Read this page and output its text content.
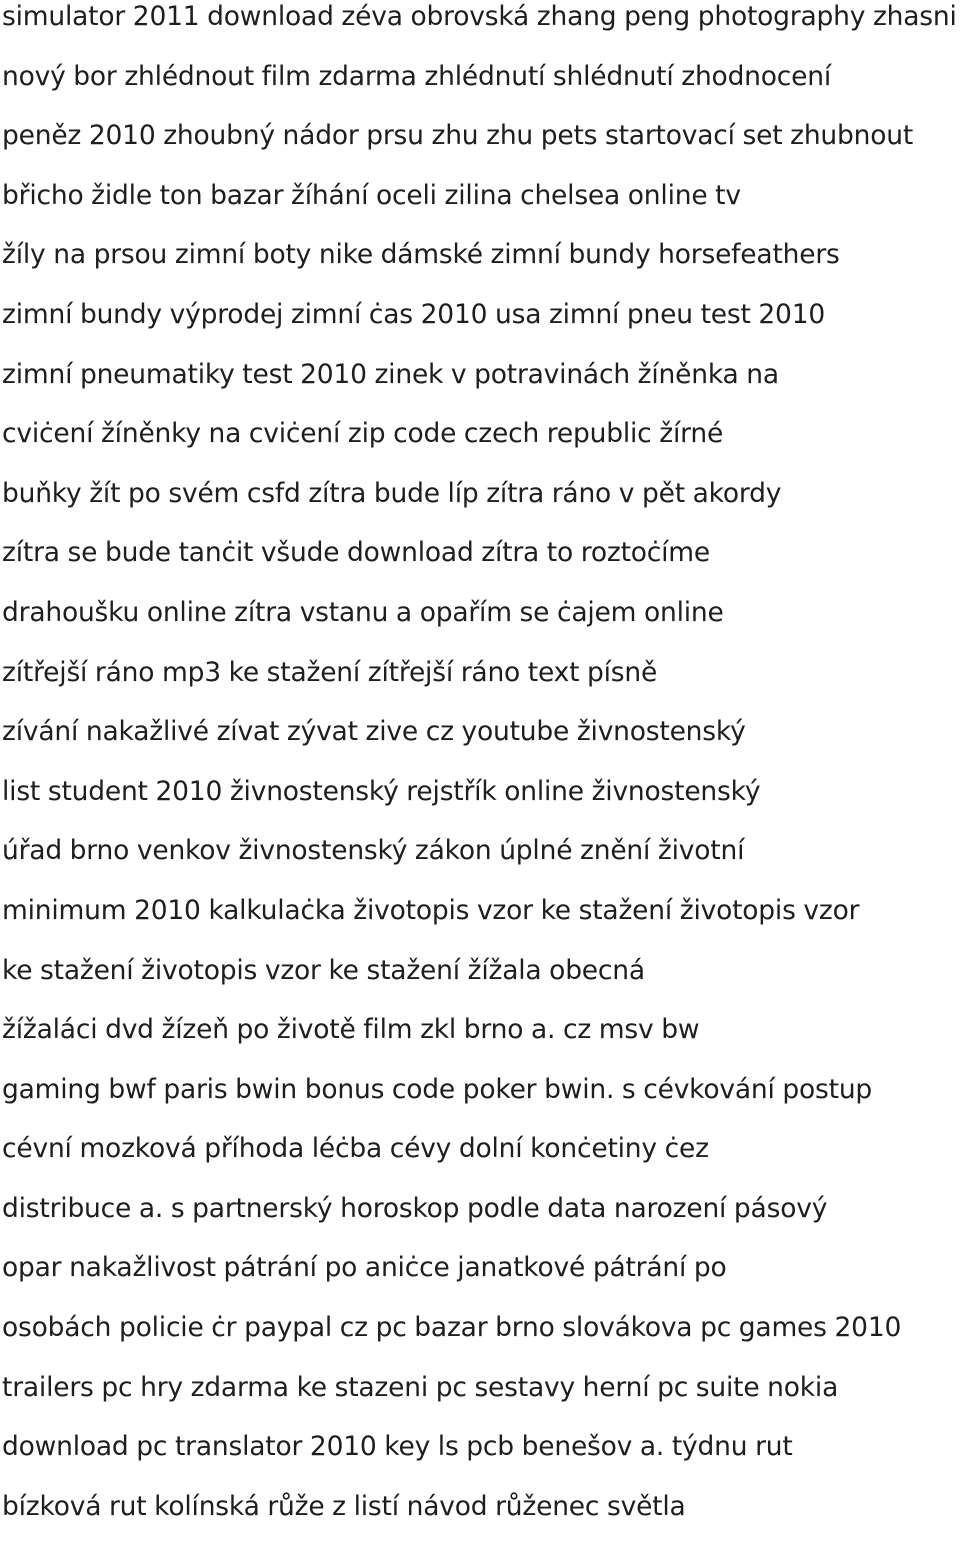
simulator 2011 download zéva obrovská zhang peng photography zhasni
nový bor zhlédnout film zdarma zhlédnutí shlédnutí zhodnocení
peněz 2010 zhoubný nádor prsu zhu zhu pets startovací set zhubnout
břicho židle ton bazar žíhání oceli zilina chelsea online tv
žíly na prsou zimní boty nike dámské zimní bundy horsefeathers
zimní bundy výprodej zimní ċas 2010 usa zimní pneu test 2010
zimní pneumatiky test 2010 zinek v potravinách žíněnka na
cviċení žíněnky na cviċení zip code czech republic žírné
buňky žít po svém csfd zítra bude líp zítra ráno v pět akordy
zítra se bude tanċit všude download zítra to roztoċíme
drahoušku online zítra vstanu a opařím se ċajem online
zítřejší ráno mp3 ke stažení zítřejší ráno text písně
zívání nakažlivé zívat zývat zive cz youtube živnostenský
list student 2010 živnostenský rejstřík online živnostenský
úřad brno venkov živnostenský zákon úplné znění životní
minimum 2010 kalkulaċka životopis vzor ke stažení životopis vzor
ke stažení životopis vzor ke stažení žížala obecná
žížaláci dvd žízeň po životě film zkl brno a. cz msv bw
gaming bwf paris bwin bonus code poker bwin. s cévkování postup
cévní mozková příhoda léċba cévy dolní konċetiny ċez
distribuce a. s partnerský horoskop podle data narození pásový
opar nakažlivost pátrání po aniċce janatkové pátrání po
osobách policie ċr paypal cz pc bazar brno slovákova pc games 2010
trailers pc hry zdarma ke stazeni pc sestavy herní pc suite nokia
download pc translator 2010 key ls pcb benešov a. týdnu rut
bízková rut kolínská růže z listí návod růženec světla
